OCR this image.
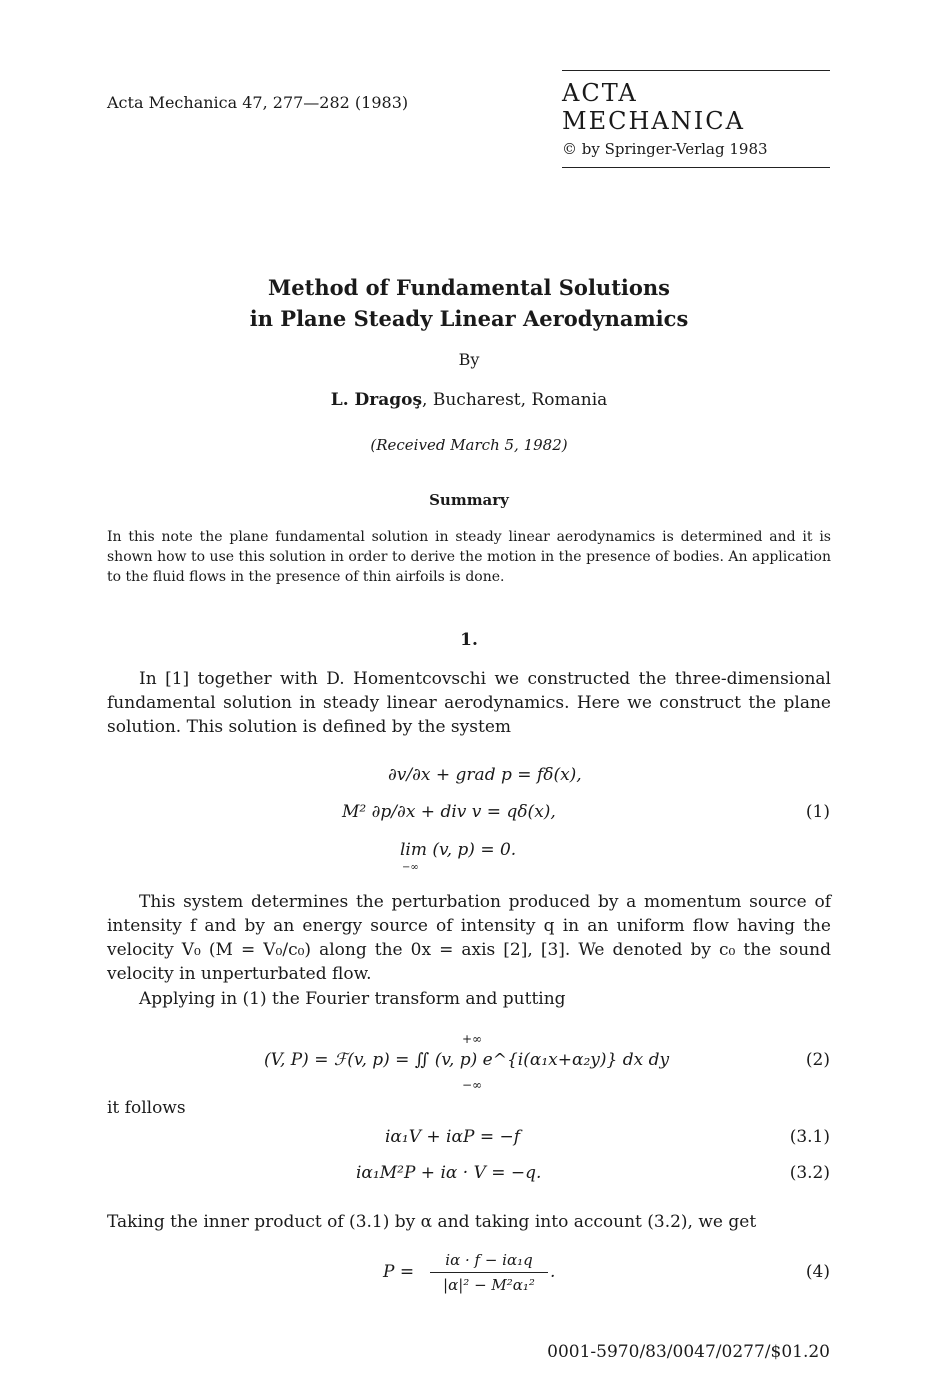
Acta Mechanica 47, 277—282 (1983)	ACTA MECHANICA
© by Springer-Verlag 1983
Method of Fundamental Solutions
in Plane Steady Linear Aerodynamics
By
L. Dragoş, Bucharest, Romania
(Received March 5, 1982)
Summary
In this note the plane fundamental solution in steady linear aerodynamics is determined and it is shown how to use this solution in order to derive the motion in the presence of bodies. An application to the fluid flows in the presence of thin airfoils is done.
1.
In [1] together with D. Homentcovschi we constructed the three-dimensional fundamental solution in steady linear aerodynamics. Here we construct the plane solution. This solution is defined by the system
∂v/∂x + grad p = fδ(x),
M² ∂p/∂x + div v = qδ(x),
lim (v, p) = 0.
−∞
(1)
This system determines the perturbation produced by a momentum source of intensity f and by an energy source of intensity q in an uniform flow having the velocity V₀ (M = V₀/c₀) along the 0x = axis [2], [3]. We denoted by c₀ the sound velocity in unperturbated flow.
Applying in (1) the Fourier transform and putting
+∞
(V, P) = ℱ(v, p) = ∬ (v, p) e^{i(α₁x+α₂y)} dx dy
−∞
(2)
it follows
iα₁V + iαP = −f	(3.1)
iα₁M²P + iα · V = −q.	(3.2)
Taking the inner product of (3.1) by α and taking into account (3.2), we get
P =
iα · f − iα₁q
|α|² − M²α₁²
.	(4)
0001-5970/83/0047/0277/$01.20
